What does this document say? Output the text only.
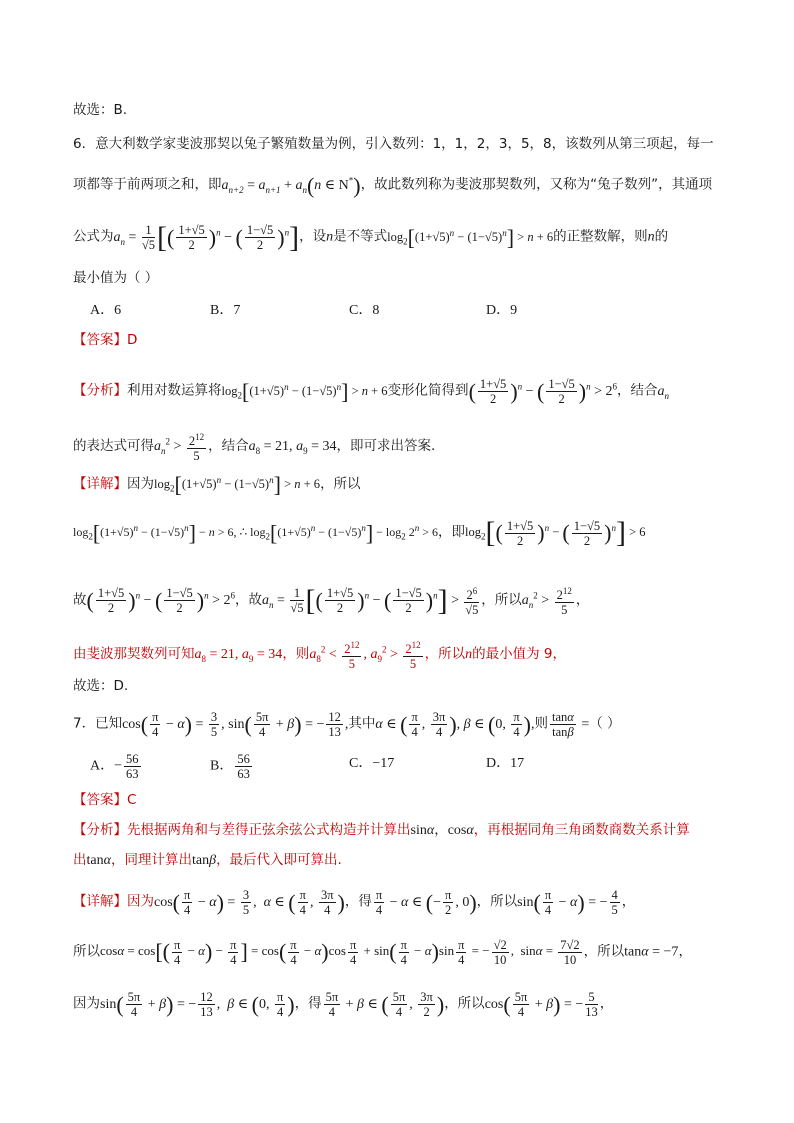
故选：B.
6．意大利数学家斐波那契以兔子繁殖数量为例，引入数列：1，1，2，3，5，8，该数列从第三项起，每一
项都等于前两项之和，即$a_{n+2} = a_{n+1} + a_n(n$ ∈ N*)，故此数列称为斐波那契数列，又称为“兔子数列”，其通项
公式为$a_n = \frac{1}{√5}$ [( $\frac{1+√5}{2} )^n$ − ( $\frac{1-√5}{2} )^n$]，设n是不等式$\log_2[(1+√5)^n - (1-√5)^n] > n + 6$的正整数解，则n的
最小值为（ ）
A．6	B．7	C．8	D．9
【答案】D
【分析】利用对数运算将$\log_2[(1+√5)^n - (1-√5)^n] > n + 6$变形化简得到( $\frac{1+√5}{2} )^n$ − ( $\frac{1-√5}{2} )^n > 2^6$，结合$a_n$
的表达式可得$a_n^2 > \frac{2^{12}}{5}$ ，结合$a_8 = 21$, $a_9 = 34$，即可求出答案.
【详解】因为$\log_2[(1+√5)^n - (1-√5)^n] > n + 6$，所以
$\log_2[(1+√5)^n - (1-√5)^n] - n > 6$, ∴ $\log_2[(1+√5)^n - (1-√5)^n] - \log_2 2^n > 6$，即$\log_2[( \frac{1+√5}{2} )^n$ − ( $\frac{1-√5}{2} )^n] > 6$
故( $\frac{1+√5}{2} )^n$ − ( $\frac{1-√5}{2} )^n > 2^6$，故$a_n = \frac{1}{√5}$ [( $\frac{1+√5}{2} )^n$ − ( $\frac{1-√5}{2} )^n] > \frac{2^6}{√5}$ ，所以$a_n^2 > \frac{2^{12}}{5}$ ，
由斐波那契数列可知$a_8 = 21$, $a_9 = 34$，则$a_8^2 < \frac{2^{12}}{5}$ , $a_9^2 > \frac{2^{12}}{5}$ ，所以n的最小值为 9，
故选：D.
7．已知$\cos( \frac{\pi}{4} - \alpha) = \frac{3}{5}$ , $\sin( \frac{5\pi}{4} + \beta)$ = − $\frac{12}{13}$ ,其中α ∈ ( $\frac{\pi}{4}$ , $\frac{3\pi}{4}$ ), β ∈ (0, $\frac{\pi}{4}$ ),则 $\frac{\tan\alpha}{\tan\beta}$ =（ ）
A．− $\frac{56}{63}$	B． $\frac{56}{63}$	C．−17	D．17
【答案】C
【分析】先根据两角和与差得正弦余弦公式构造并计算出sinα，cosα，再根据同角三角函数商数关系计算
出tanα，同理计算出tanβ，最后代入即可算出.
【详解】因为$\cos( \frac{\pi}{4} - \alpha) = \frac{3}{5}$ ,  α ∈ ( $\frac{\pi}{4}$ , $\frac{3\pi}{4}$ )，得 $\frac{\pi}{4} - \alpha$ ∈ (− $\frac{\pi}{2}$ , 0)，所以$\sin( \frac{\pi}{4} - \alpha)$ = − $\frac{4}{5}$ ，
所以$\cos\alpha = \cos[( \frac{\pi}{4} - \alpha) - \frac{\pi}{4}$ ] = $\cos( \frac{\pi}{4} - \alpha)\cos \frac{\pi}{4} + \sin( \frac{\pi}{4} - \alpha)\sin \frac{\pi}{4}$ = − $\frac{√2}{10}$ ,  $\sin\alpha = \frac{7√2}{10}$ ，所以tanα = −7，
因为$\sin( \frac{5\pi}{4} + \beta)$ = − $\frac{12}{13}$ ,  β ∈ (0, $\frac{\pi}{4}$ )，得 $\frac{5\pi}{4} + \beta$ ∈ ( $\frac{5\pi}{4}$ , $\frac{3\pi}{2}$ )，所以$\cos( \frac{5\pi}{4} + \beta)$ = − $\frac{5}{13}$ ，
